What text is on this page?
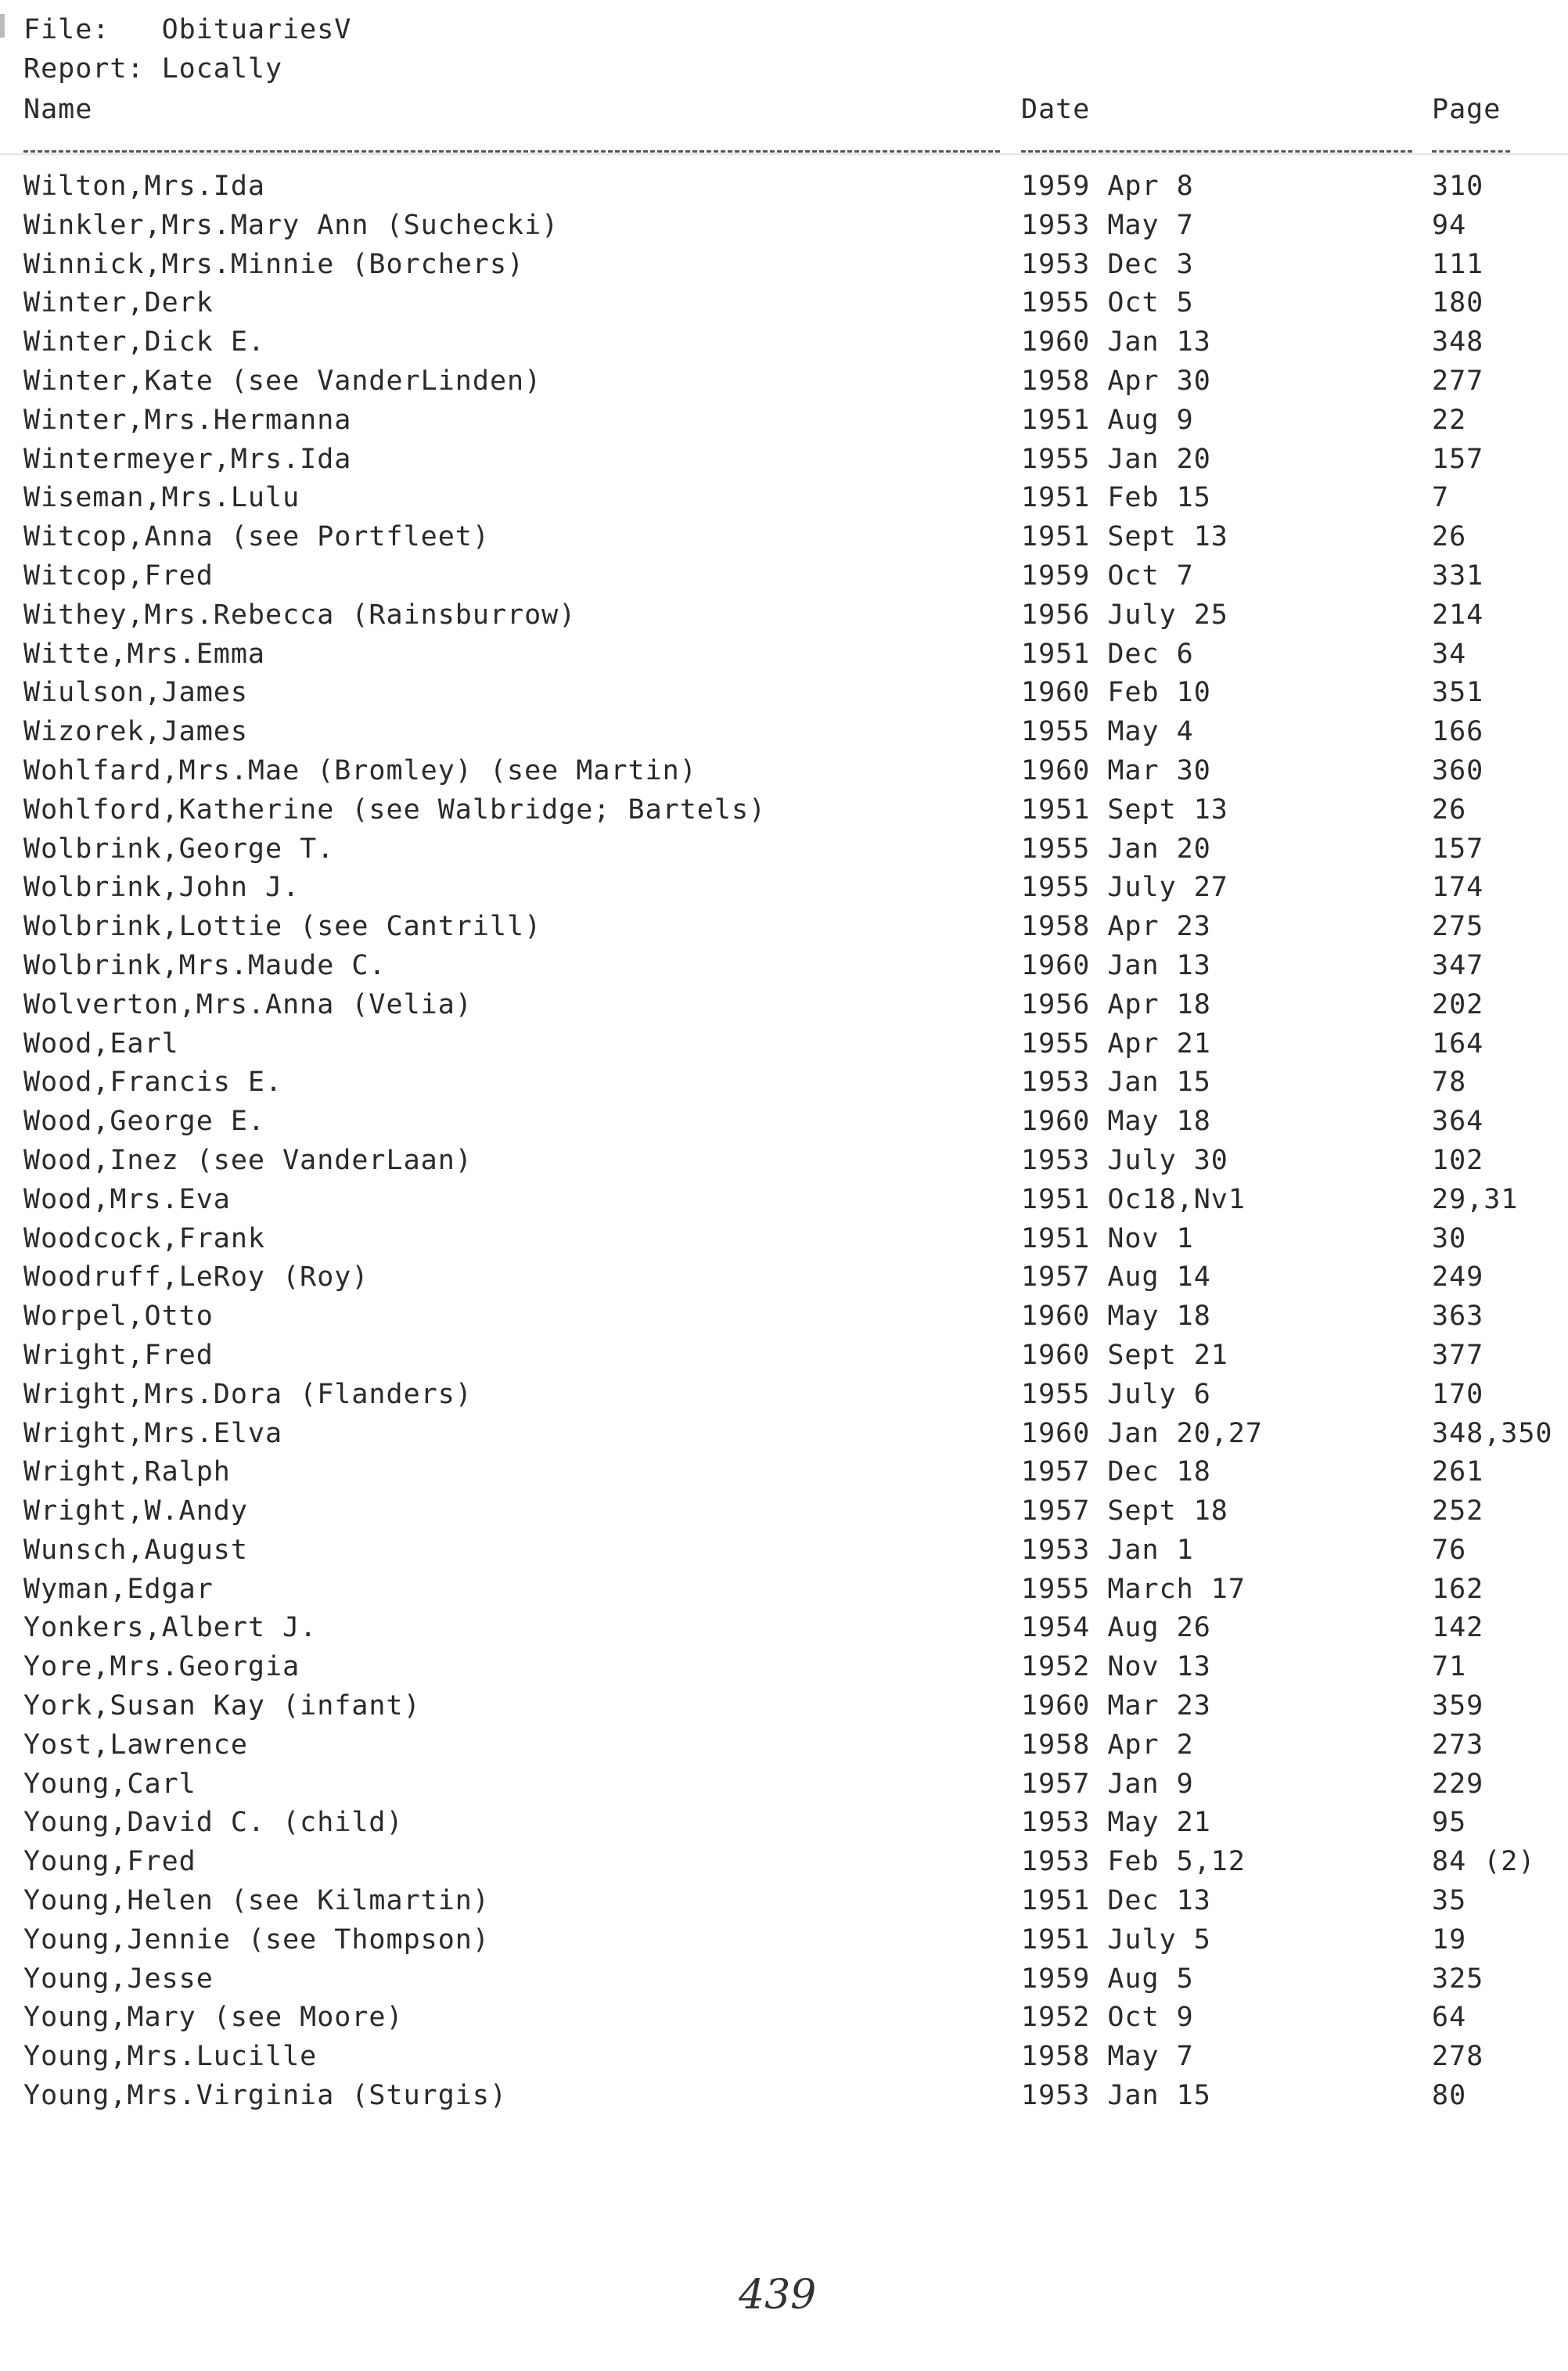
File: ObituariesV
Report: Locally
Name	Date	Page
Wilton,Mrs.Ida	1959 Apr 8	310
Winkler,Mrs.Mary Ann (Suchecki)	1953 May 7	94
Winnick,Mrs.Minnie (Borchers)	1953 Dec 3	111
Winter,Derk	1955 Oct 5	180
Winter,Dick E.	1960 Jan 13	348
Winter,Kate (see VanderLinden)	1958 Apr 30	277
Winter,Mrs.Hermanna	1951 Aug 9	22
Wintermeyer,Mrs.Ida	1955 Jan 20	157
Wiseman,Mrs.Lulu	1951 Feb 15	7
Witcop,Anna (see Portfleet)	1951 Sept 13	26
Witcop,Fred	1959 Oct 7	331
Withey,Mrs.Rebecca (Rainsburrow)	1956 July 25	214
Witte,Mrs.Emma	1951 Dec 6	34
Wiulson,James	1960 Feb 10	351
Wizorek,James	1955 May 4	166
Wohlfard,Mrs.Mae (Bromley) (see Martin)	1960 Mar 30	360
Wohlford,Katherine (see Walbridge; Bartels)	1951 Sept 13	26
Wolbrink,George T.	1955 Jan 20	157
Wolbrink,John J.	1955 July 27	174
Wolbrink,Lottie (see Cantrill)	1958 Apr 23	275
Wolbrink,Mrs.Maude C.	1960 Jan 13	347
Wolverton,Mrs.Anna (Velia)	1956 Apr 18	202
Wood,Earl	1955 Apr 21	164
Wood,Francis E.	1953 Jan 15	78
Wood,George E.	1960 May 18	364
Wood,Inez (see VanderLaan)	1953 July 30	102
Wood,Mrs.Eva	1951 Oc18,Nv1	29,31
Woodcock,Frank	1951 Nov 1	30
Woodruff,LeRoy (Roy)	1957 Aug 14	249
Worpel,Otto	1960 May 18	363
Wright,Fred	1960 Sept 21	377
Wright,Mrs.Dora (Flanders)	1955 July 6	170
Wright,Mrs.Elva	1960 Jan 20,27	348,350
Wright,Ralph	1957 Dec 18	261
Wright,W.Andy	1957 Sept 18	252
Wunsch,August	1953 Jan 1	76
Wyman,Edgar	1955 March 17	162
Yonkers,Albert J.	1954 Aug 26	142
Yore,Mrs.Georgia	1952 Nov 13	71
York,Susan Kay (infant)	1960 Mar 23	359
Yost,Lawrence	1958 Apr 2	273
Young,Carl	1957 Jan 9	229
Young,David C. (child)	1953 May 21	95
Young,Fred	1953 Feb 5,12	84 (2)
Young,Helen (see Kilmartin)	1951 Dec 13	35
Young,Jennie (see Thompson)	1951 July 5	19
Young,Jesse	1959 Aug 5	325
Young,Mary (see Moore)	1952 Oct 9	64
Young,Mrs.Lucille	1958 May 7	278
Young,Mrs.Virginia (Sturgis)	1953 Jan 15	80
439
